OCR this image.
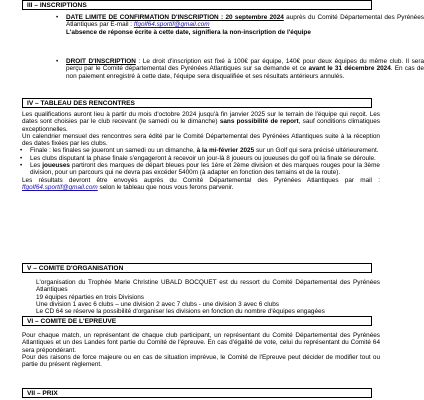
III – INSCRIPTIONS

• DATE LIMITE DE CONFIRMATION D'INSCRIPTION : 20 septembre 2024 auprès du Comité Départemental des Pyrénées Atlantiques par E-mail : ffgolf64.sportif@gmail.com

L'absence de réponse écrite à cette date, signifiera la non-inscription de l'équipe

• DROIT D'INSCRIPTION : Le droit d'inscription est fixé à 100€ par équipe, 140€ pour deux équipes du même club. Il sera perçu par le Comité départemental des Pyrénées Atlantiques sur sa demande et ce avant le 31 décembre 2024. En cas de non paiement enregistré à cette date, l'équipe sera disqualifiée et ses résultats antérieurs annulés.

IV – TABLEAU DES RENCONTRES

Les qualifications auront lieu à partir du mois d'octobre 2024 jusqu'à fin janvier 2025 sur le terrain de l'équipe qui reçoit. Les dates sont choisies par le club recevant (le samedi ou le dimanche) sans possibilité de report, sauf conditions climatiques exceptionnelles.

Un calendrier mensuel des rencontres sera édité par le Comité Départemental des Pyrénées Atlantiques suite à la réception des dates fixées par les clubs.

Finale : les finales se joueront un samedi ou un dimanche, à la mi-février 2025 sur un Golf qui sera précisé ultérieurement.

Les clubs disputant la phase finale s'engageront à recevoir un jour-là 8 joueurs ou joueuses du golf où la finale se déroule.

Les joueuses partiront des marques de départ bleues pour les 1ère et 2ème division et des marques rouges pour la 3ème division, pour un parcours qui ne devra pas excéder 5400m (à adapter en fonction des terrains et de la route).

Les résultats devront être envoyés auprès du Comité Départemental des Pyrénées Atlantiques par mail : ffgolf64.sportif@gmail.com selon le tableau que nous vous ferons parvenir.

V – COMITE D'ORGANISATION

L'organisation du Trophée Marie Christine UBALD BOCQUET est du ressort du Comité Départemental des Pyrénées Atlantiques

19 équipes réparties en trois Divisions

Une division 1 avec 6 clubs – une division 2 avec 7 clubs - une division 3 avec 6 clubs

Le CD 64 se réserve la possibilité d'organiser les divisions en fonction du nombre d'équipes engagées

VI – COMITE DE L'EPREUVE

Pour chaque match, un représentant de chaque club participant, un représentant du Comité Départemental des Pyrénées Atlantiques et un des Landes font partie du Comité de l'épreuve. En cas d'égalité de vote, celui du représentant du Comité 64 sera prépondérant.

Pour des raisons de force majeure ou en cas de situation imprévue, le Comité de l'Epreuve peut décider de modifier tout ou partie du présent règlement.

VII – PRIX
